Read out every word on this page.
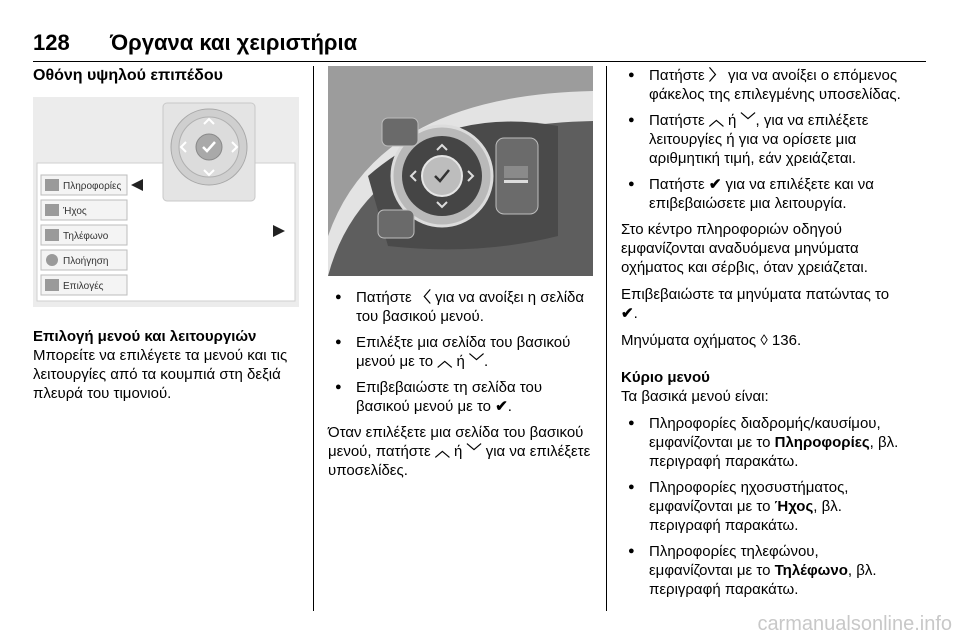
128 Όργανα και χειριστήρια
Οθόνη υψηλού επιπέδου
Πληροφορίες
Ήχος
Τηλέφωνο
Πλοήγηση
Επιλογές

Επιλογή μενού και λειτουργιών

Μπορείτε να επιλέγετε τα μενού και τις λειτουργίες από τα κουμπιά στη δεξιά πλευρά του τιμονιού.

● Πατήστε 〈 για να ανοίξει η σελίδα του βασικού μενού.
● Επιλέξτε μια σελίδα του βασικού μενού με το ︿ ή ﹀.
● Επιβεβαιώστε τη σελίδα του βασικού μενού με το ✔.

Όταν επιλέξετε μια σελίδα του βασικού μενού, πατήστε ︿ ή ﹀ για να επιλέξετε υποσελίδες.

● Πατήστε 〉 για να ανοίξει ο επόμενος φάκελος της επιλεγμένης υποσελίδας.
● Πατήστε ︿ ή ﹀, για να επιλέξετε λειτουργίες ή για να ορίσετε μια αριθμητική τιμή, εάν χρειάζεται.
● Πατήστε ✔ για να επιλέξετε και να επιβεβαιώσετε μια λειτουργία.

Στο κέντρο πληροφοριών οδηγού εμφανίζονται αναδυόμενα μηνύματα οχήματος και σέρβις, όταν χρειάζεται.

Επιβεβαιώστε τα μηνύματα πατώντας το ✔.

Μηνύματα οχήματος ◊ 136.

Κύριο μενού

Τα βασικά μενού είναι:

● Πληροφορίες διαδρομής/καυσίμου, εμφανίζονται με το Πληροφορίες, βλ. περιγραφή παρακάτω.
● Πληροφορίες ηχοσυστήματος, εμφανίζονται με το Ήχος, βλ. περιγραφή παρακάτω.
● Πληροφορίες τηλεφώνου, εμφανίζονται με το Τηλέφωνο, βλ. περιγραφή παρακάτω.
carmanualsonline.info
